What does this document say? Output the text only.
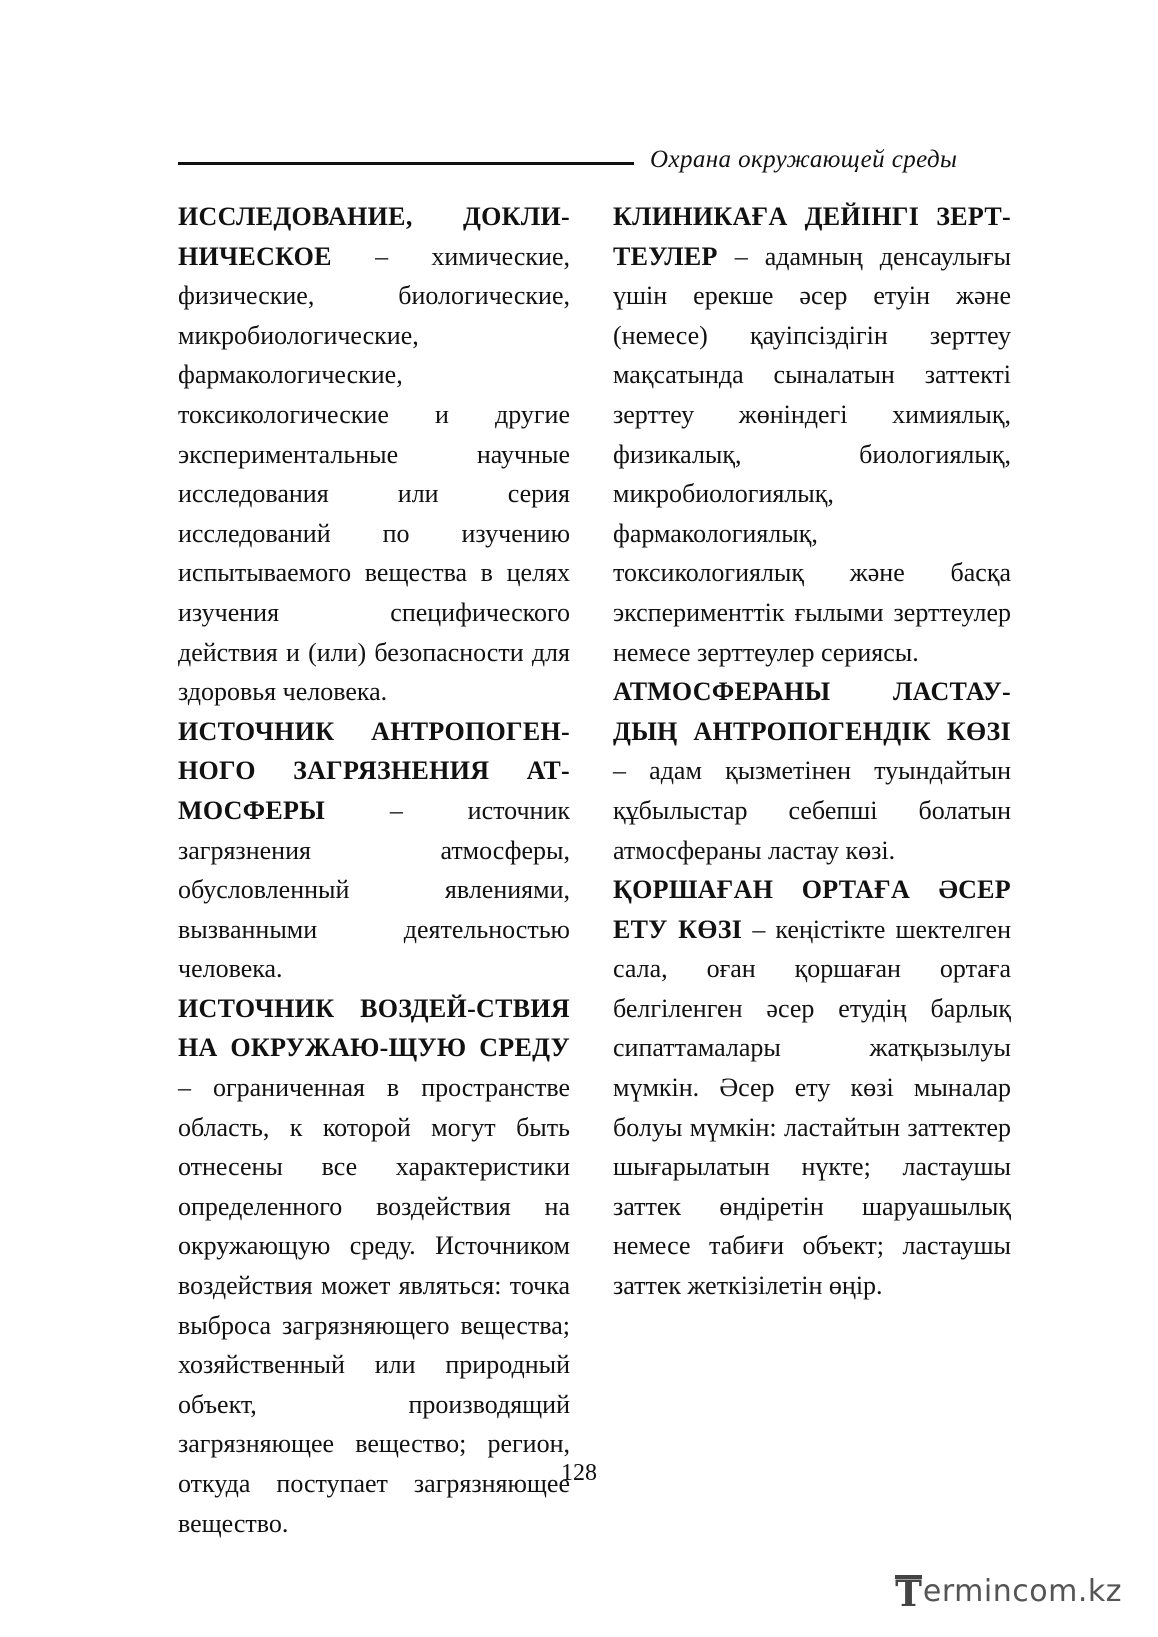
Охрана окружающей среды

ИССЛЕДОВАНИЕ, ДОКЛИ-НИЧЕСКОЕ – химические, физические, биологические, микробиологические, фармакологические, токсикологические и другие экспериментальные научные исследования или серия исследований по изучению испытываемого вещества в целях изучения специфического действия и (или) безопасности для здоровья человека.

ИСТОЧНИК АНТРОПОГЕН-НОГО ЗАГРЯЗНЕНИЯ АТ-МОСФЕРЫ – источник загрязнения атмосферы, обусловленный явлениями, вызванными деятельностью человека.

ИСТОЧНИК ВОЗДЕЙ-СТВИЯ НА ОКРУЖАЮ-ЩУЮ СРЕДУ – ограниченная в пространстве область, к которой могут быть отнесены все характеристики определенного воздействия на окружающую среду. Источником воздействия может являться: точка выброса загрязняющего вещества; хозяйственный или природный объект, производящий загрязняющее вещество; регион, откуда поступает загрязняющее вещество.

КЛИНИКАҒА ДЕЙІНГІ ЗЕРТ-ТЕУЛЕР – адамның денсаулығы үшін ерекше әсер етуін және (немесе) қауіпсіздігін зерттеу мақсатында сыналатын заттекті зерттеу жөніндегі химиялық, физикалық, биологиялық, микробиологиялық, фармакологиялық, токсикологиялық және басқа эксперименттік ғылыми зерттеулер немесе зерттеулер сериясы.

АТМОСФЕРАНЫ ЛАСТАУ-ДЫҢ АНТРОПОГЕНДІК КӨЗІ – адам қызметінен туындайтын құбылыстар себепші болатын атмосфераны ластау көзі.

ҚОРШАҒАН ОРТАҒА ӘСЕР ЕТУ КӨЗІ – кеңістікте шектелген сала, оған қоршаған ортаға белгіленген әсер етудің барлық сипаттамалары жатқызылуы мүмкін. Әсер ету көзі мыналар болуы мүмкін: ластайтын заттектер шығарылатын нүкте; ластаушы заттек өндіретін шаруашылық немесе табиғи объект; ластаушы заттек жеткізілетін өңір.

128
T ermincom.kz
